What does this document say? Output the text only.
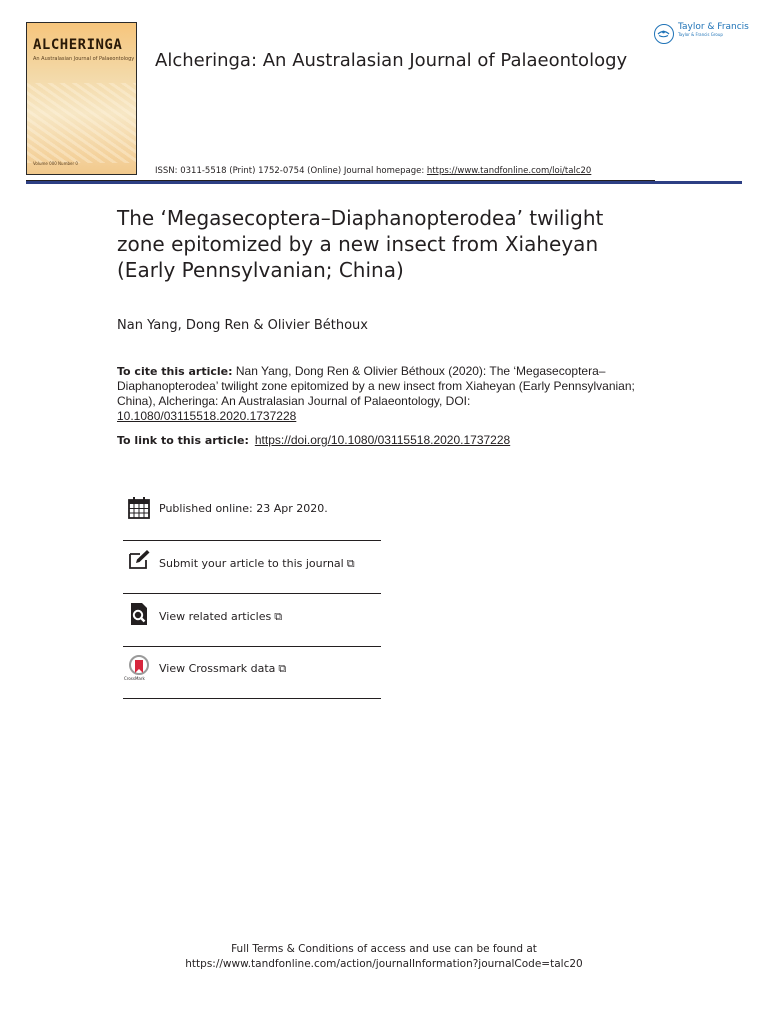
ALCHERINGA
An Australasian Journal of Palaeontology
Volume 000 Number 0
Alcheringa: An Australasian Journal of Palaeontology
Taylor & Francis
Taylor & Francis Group
ISSN: 0311-5518 (Print) 1752-0754 (Online) Journal homepage: https://www.tandfonline.com/loi/talc20
The ‘Megasecoptera–Diaphanopterodea’ twilight
zone epitomized by a new insect from Xiaheyan
(Early Pennsylvanian; China)
Nan Yang, Dong Ren & Olivier Béthoux
To cite this article: Nan Yang, Dong Ren & Olivier Béthoux (2020): The ‘Megasecoptera–Diaphanopterodea’ twilight zone epitomized by a new insect from Xiaheyan (Early Pennsylvanian; China), Alcheringa: An Australasian Journal of Palaeontology, DOI: 10.1080/03115518.2020.1737228
To link to this article: https://doi.org/10.1080/03115518.2020.1737228
Published online: 23 Apr 2020.
Submit your article to this journal ⧉
View related articles ⧉
CrossMark
View Crossmark data ⧉
Full Terms & Conditions of access and use can be found at
https://www.tandfonline.com/action/journalInformation?journalCode=talc20
